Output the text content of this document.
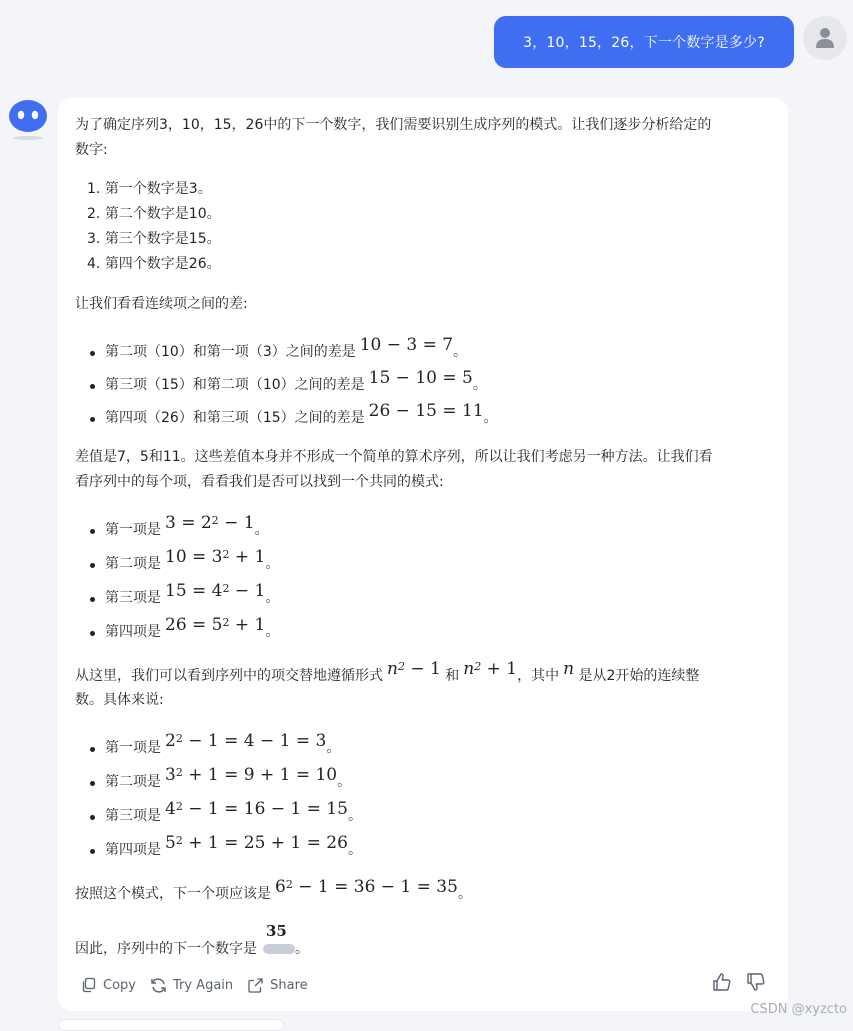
3，10，15，26，下一个数字是多少?
为了确定序列3，10，15，26中的下一个数字，我们需要识别生成序列的模式。让我们逐步分析给定的
数字:
1. 第一个数字是3。
2. 第二个数字是10。
3. 第三个数字是15。
4. 第四个数字是26。
让我们看看连续项之间的差:
第二项（10）和第一项（3）之间的差是 10 − 3 = 7。
第三项（15）和第二项（10）之间的差是 15 − 10 = 5。
第四项（26）和第三项（15）之间的差是 26 − 15 = 11。
差值是7，5和11。这些差值本身并不形成一个简单的算术序列，所以让我们考虑另一种方法。让我们看
看序列中的每个项，看看我们是否可以找到一个共同的模式:
第一项是 $3 = 2^2 - 1$。
第二项是 $10 = 3^2 + 1$。
第三项是 $15 = 4^2 - 1$。
第四项是 $26 = 5^2 + 1$。
从这里，我们可以看到序列中的项交替地遵循形式 $n^2 - 1$ 和 $n^2 + 1$，其中 n 是从2开始的连续整
数。具体来说:
第一项是 $2^2 - 1 = 4 - 1 = 3$。
第二项是 $3^2 + 1 = 9 + 1 = 10$。
第三项是 $4^2 - 1 = 16 - 1 = 15$。
第四项是 $5^2 + 1 = 25 + 1 = 26$。
按照这个模式，下一个项应该是 $6^2 - 1 = 36 - 1 = 35$。
因此，序列中的下一个数字是
35
。
Copy	Try Again	Share
CSDN @xyzcto
